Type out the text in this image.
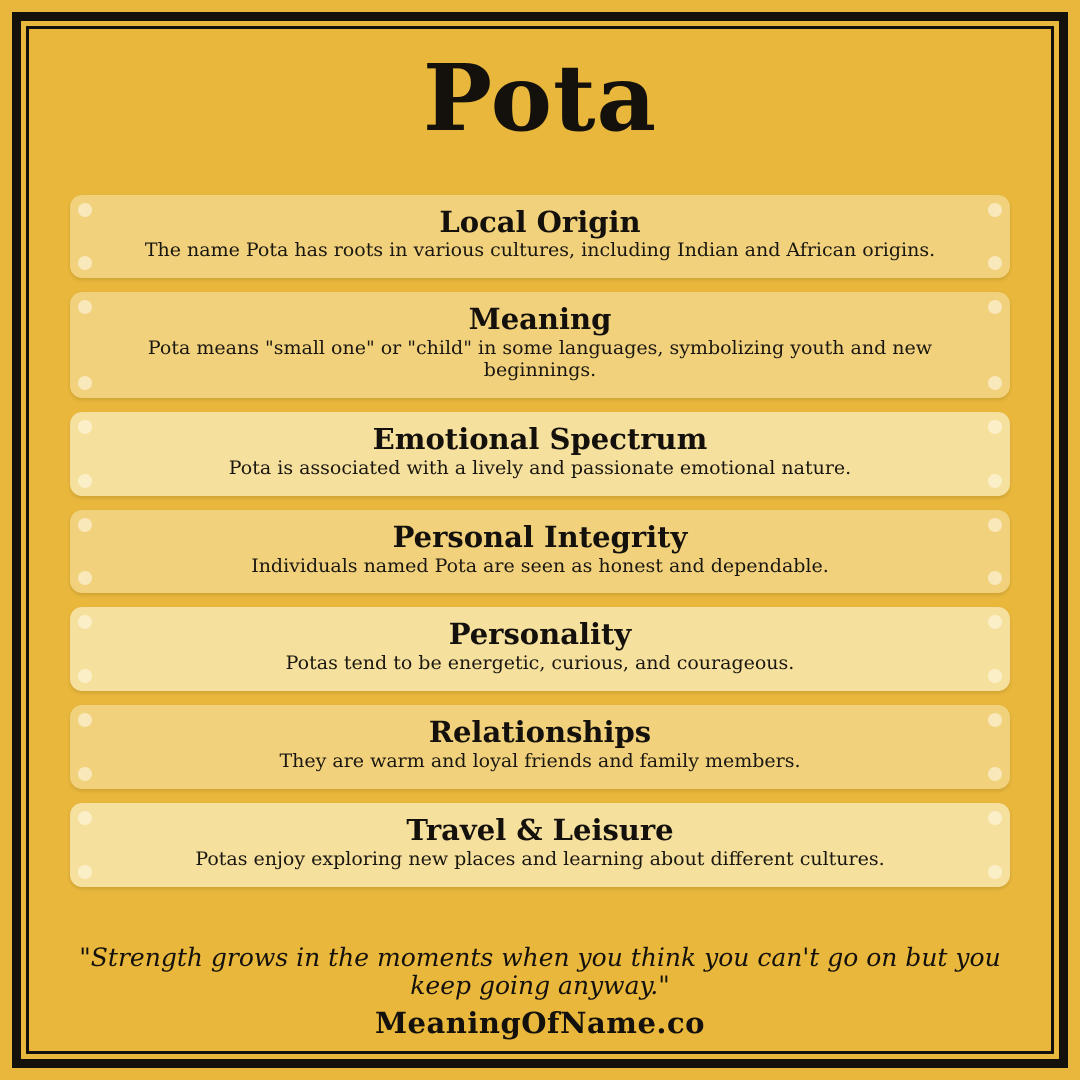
Pota
Local Origin
The name Pota has roots in various cultures, including Indian and African origins.
Meaning
Pota means "small one" or "child" in some languages, symbolizing youth and new beginnings.
Emotional Spectrum
Pota is associated with a lively and passionate emotional nature.
Personal Integrity
Individuals named Pota are seen as honest and dependable.
Personality
Potas tend to be energetic, curious, and courageous.
Relationships
They are warm and loyal friends and family members.
Travel & Leisure
Potas enjoy exploring new places and learning about different cultures.
"Strength grows in the moments when you think you can't go on but you keep going anyway."
MeaningOfName.co
